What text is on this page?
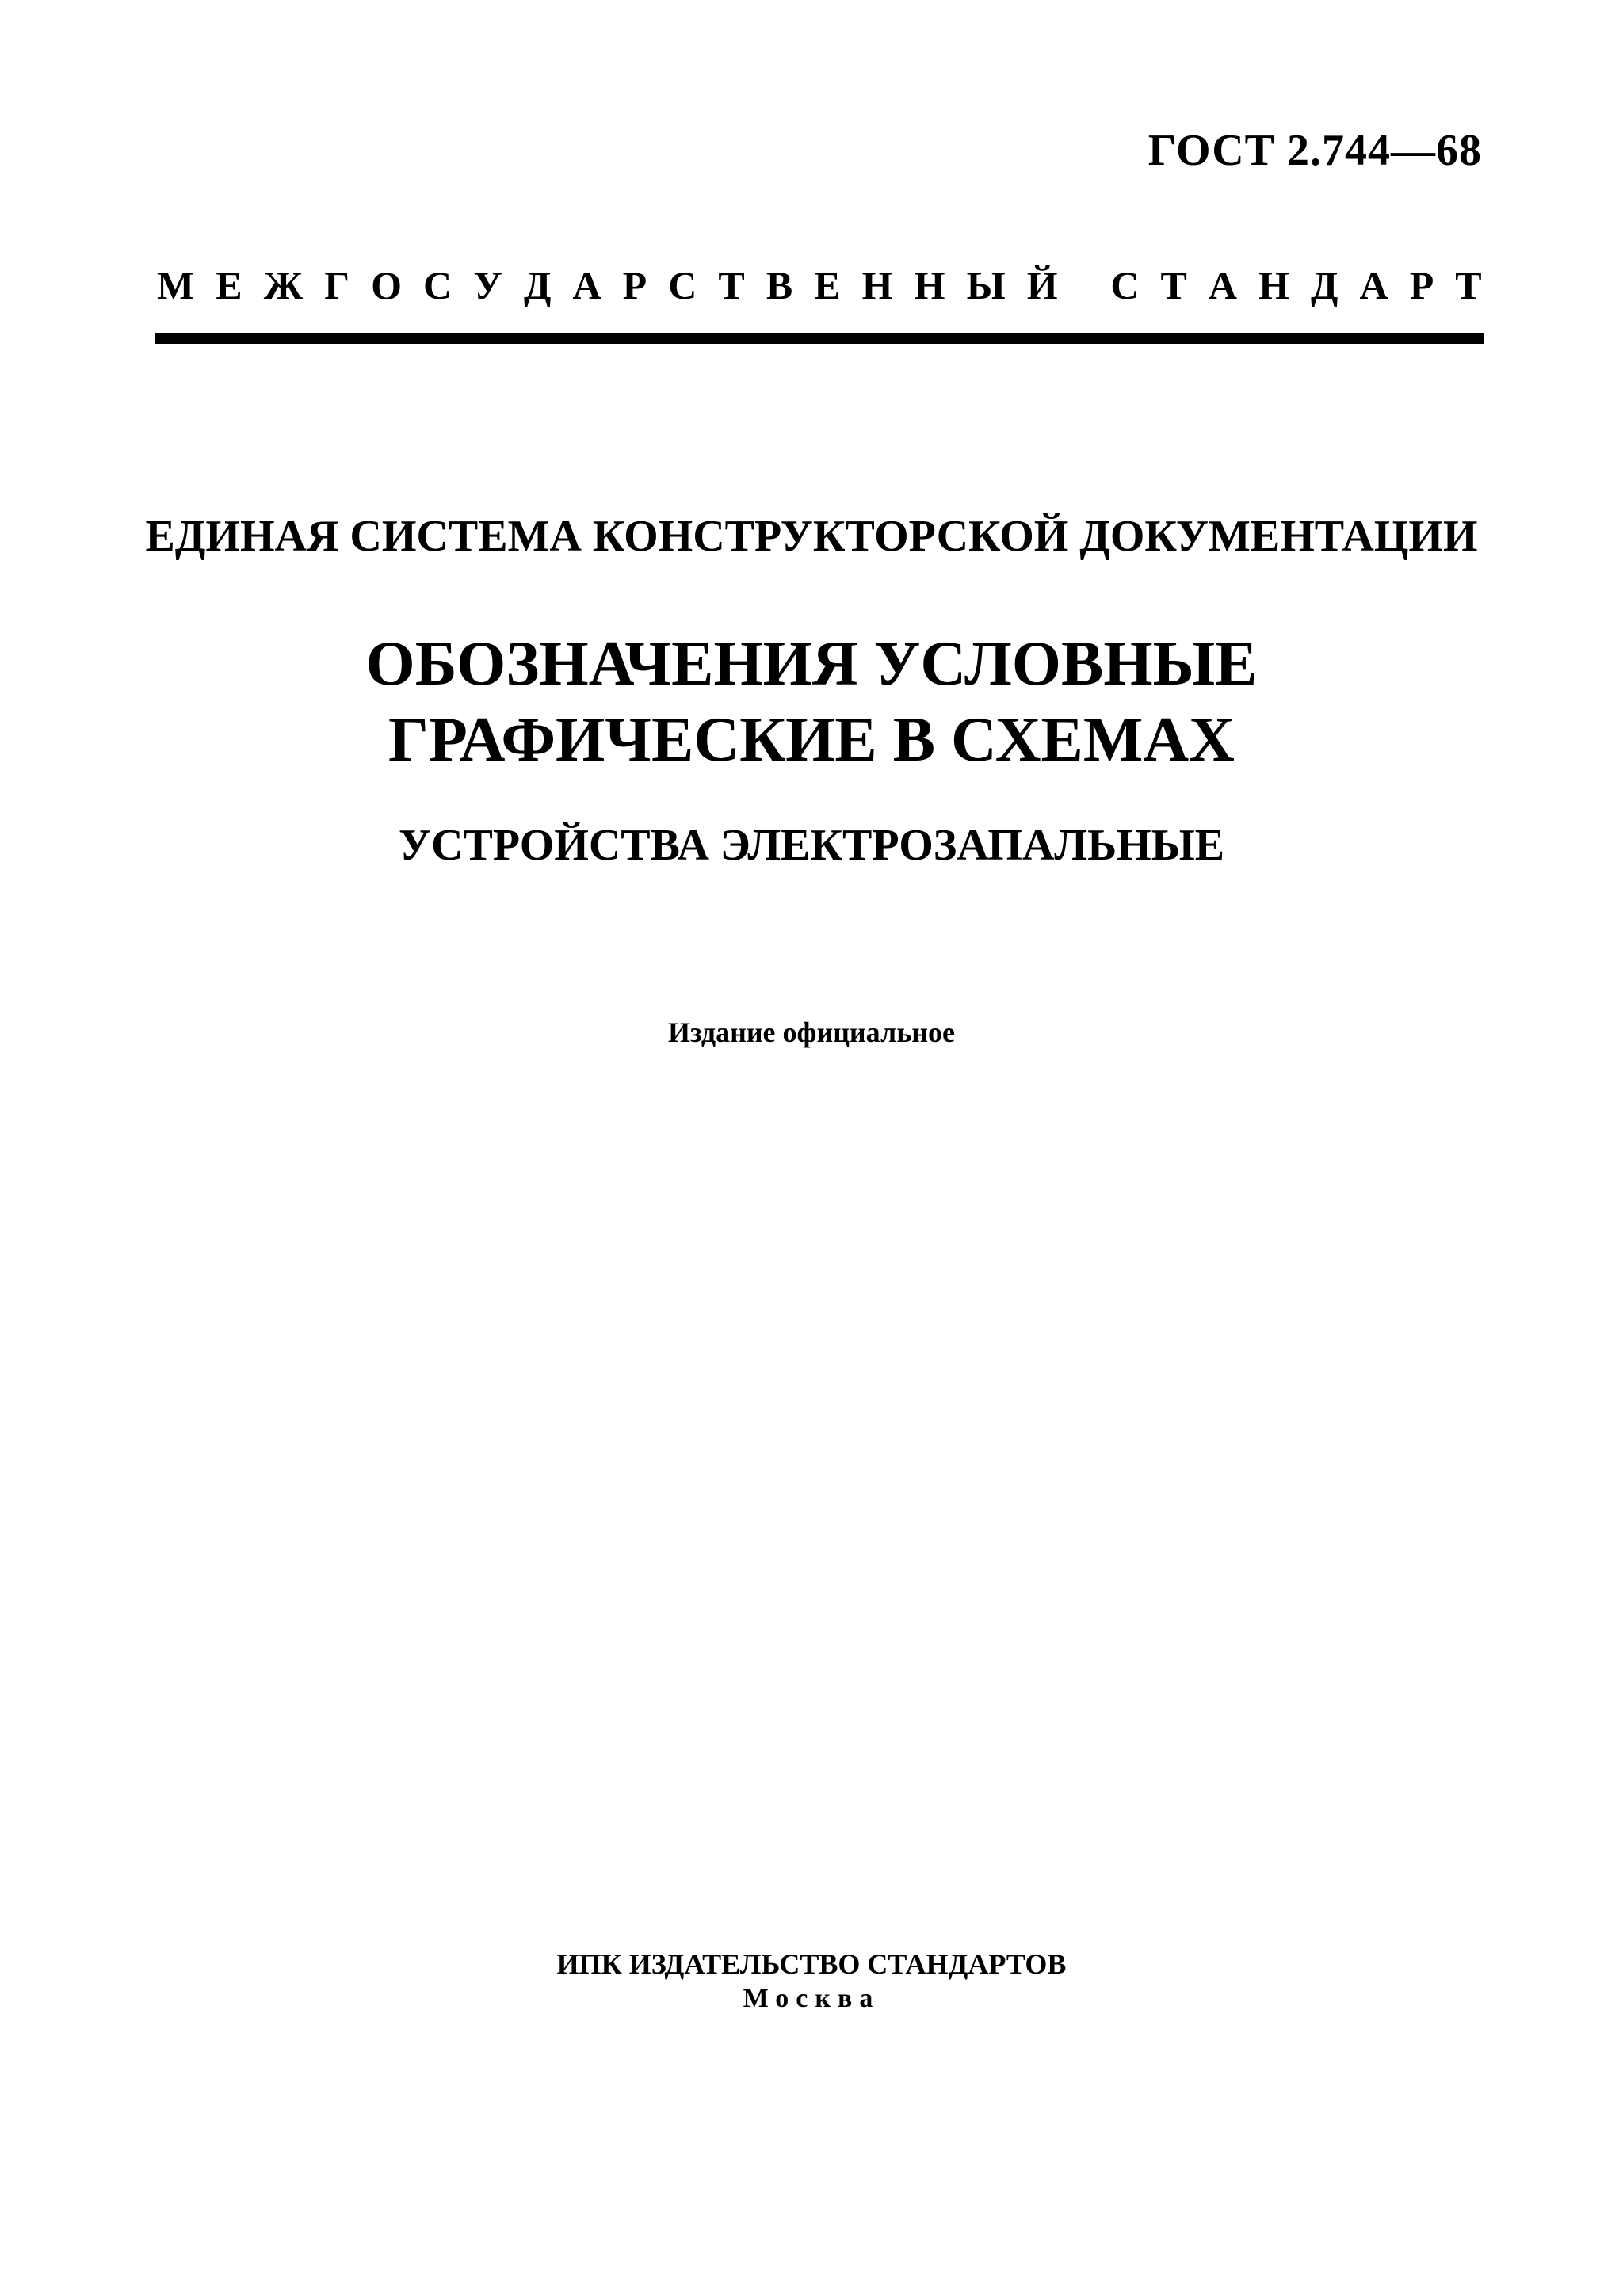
ГОСТ 2.744—68
М Е Ж Г О С У Д А Р С Т В Е Н Н Ы Й
С Т А Н Д А Р Т
ЕДИНАЯ СИСТЕМА КОНСТРУКТОРСКОЙ ДОКУМЕНТАЦИИ
ОБОЗНАЧЕНИЯ УСЛОВНЫЕ
ГРАФИЧЕСКИЕ В СХЕМАХ
УСТРОЙСТВА ЭЛЕКТРОЗАПАЛЬНЫЕ
Издание официальное
ИПК ИЗДАТЕЛЬСТВО СТАНДАРТОВ
Москва
